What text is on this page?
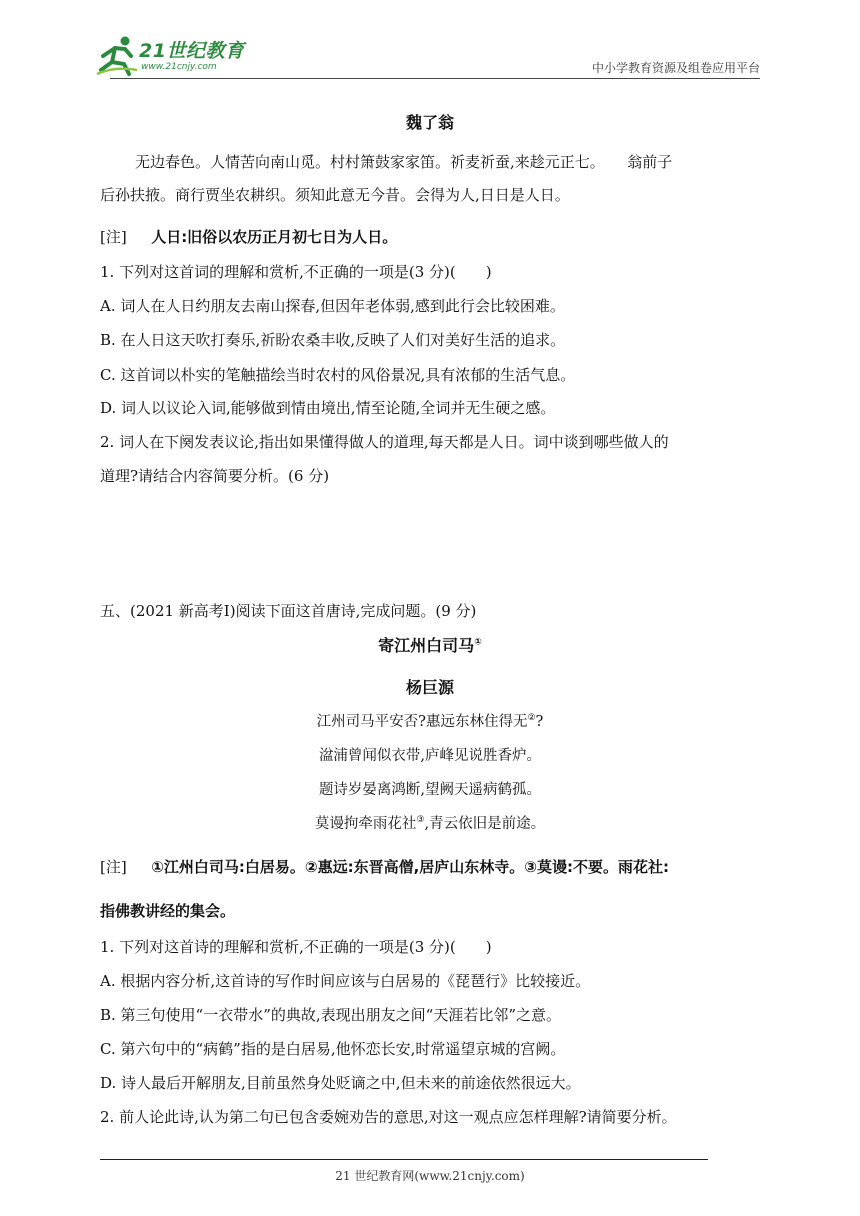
21世纪教育
www.21cnjy.com	中小学教育资源及组卷应用平台
魏了翁
无边春色。人情苦向南山觅。村村箫鼓家家笛。祈麦祈蚕,来趁元正七。　　翁前子
后孙扶掖。商行贾坐农耕织。须知此意无今昔。会得为人,日日是人日。
[注] 人日:旧俗以农历正月初七日为人日。
1. 下列对这首词的理解和赏析,不正确的一项是(3 分)(　　)
A. 词人在人日约朋友去南山探春,但因年老体弱,感到此行会比较困难。
B. 在人日这天吹打奏乐,祈盼农桑丰收,反映了人们对美好生活的追求。
C. 这首词以朴实的笔触描绘当时农村的风俗景况,具有浓郁的生活气息。
D. 词人以议论入词,能够做到情由境出,情至论随,全词并无生硬之感。
2. 词人在下阕发表议论,指出如果懂得做人的道理,每天都是人日。词中谈到哪些做人的
道理?请结合内容简要分析。(6 分)
五、(2021 新高考Ⅰ)阅读下面这首唐诗,完成问题。(9 分)
寄江州白司马①
杨巨源
江州司马平安否?惠远东林住得无②?
湓浦曾闻似衣带,庐峰见说胜香炉。
题诗岁晏离鸿断,望阙天遥病鹤孤。
莫谩拘牵雨花社③,青云依旧是前途。
[注] ①江州白司马:白居易。②惠远:东晋高僧,居庐山东林寺。③莫谩:不要。雨花社:
指佛教讲经的集会。
1. 下列对这首诗的理解和赏析,不正确的一项是(3 分)(　　)
A. 根据内容分析,这首诗的写作时间应该与白居易的《琵琶行》比较接近。
B. 第三句使用“一衣带水”的典故,表现出朋友之间“天涯若比邻”之意。
C. 第六句中的“病鹤”指的是白居易,他怀恋长安,时常遥望京城的宫阙。
D. 诗人最后开解朋友,目前虽然身处贬谪之中,但未来的前途依然很远大。
2. 前人论此诗,认为第二句已包含委婉劝告的意思,对这一观点应怎样理解?请简要分析。
21 世纪教育网(www.21cnjy.com)
